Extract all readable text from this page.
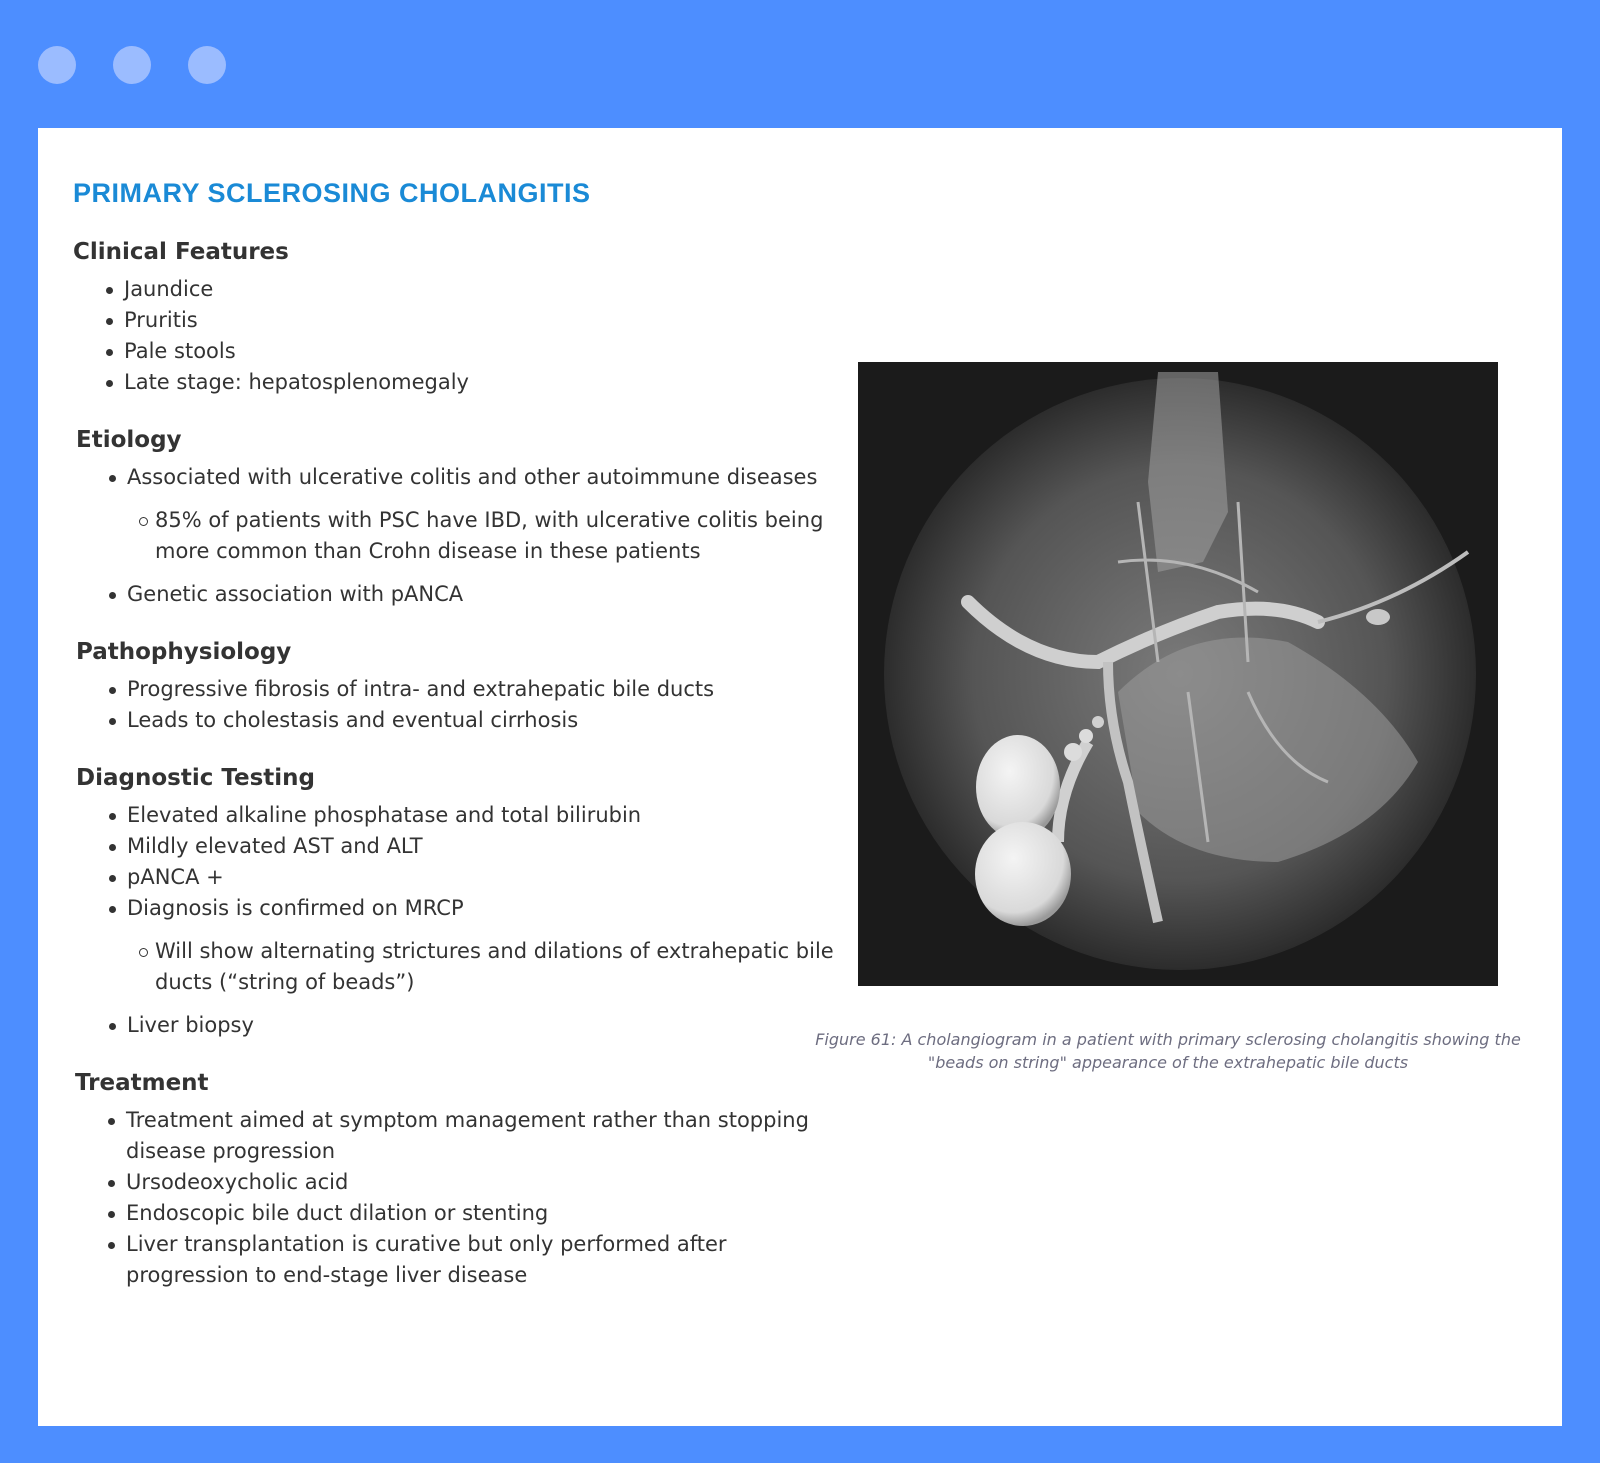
PRIMARY SCLEROSING CHOLANGITIS
Clinical Features
Jaundice
Pruritis
Pale stools
Late stage: hepatosplenomegaly
Etiology
Associated with ulcerative colitis and other autoimmune diseases
85% of patients with PSC have IBD, with ulcerative colitis being more common than Crohn disease in these patients
Genetic association with pANCA
Pathophysiology
Progressive fibrosis of intra- and extrahepatic bile ducts
Leads to cholestasis and eventual cirrhosis
Diagnostic Testing
Elevated alkaline phosphatase and total bilirubin
Mildly elevated AST and ALT
pANCA +
Diagnosis is confirmed on MRCP
Will show alternating strictures and dilations of extrahepatic bile ducts (“string of beads”)
Liver biopsy
Treatment
Treatment aimed at symptom management rather than stopping disease progression
Ursodeoxycholic acid
Endoscopic bile duct dilation or stenting
Liver transplantation is curative but only performed after progression to end-stage liver disease
Figure 61: A cholangiogram in a patient with primary sclerosing cholangitis showing the "beads on string" appearance of the extrahepatic bile ducts
